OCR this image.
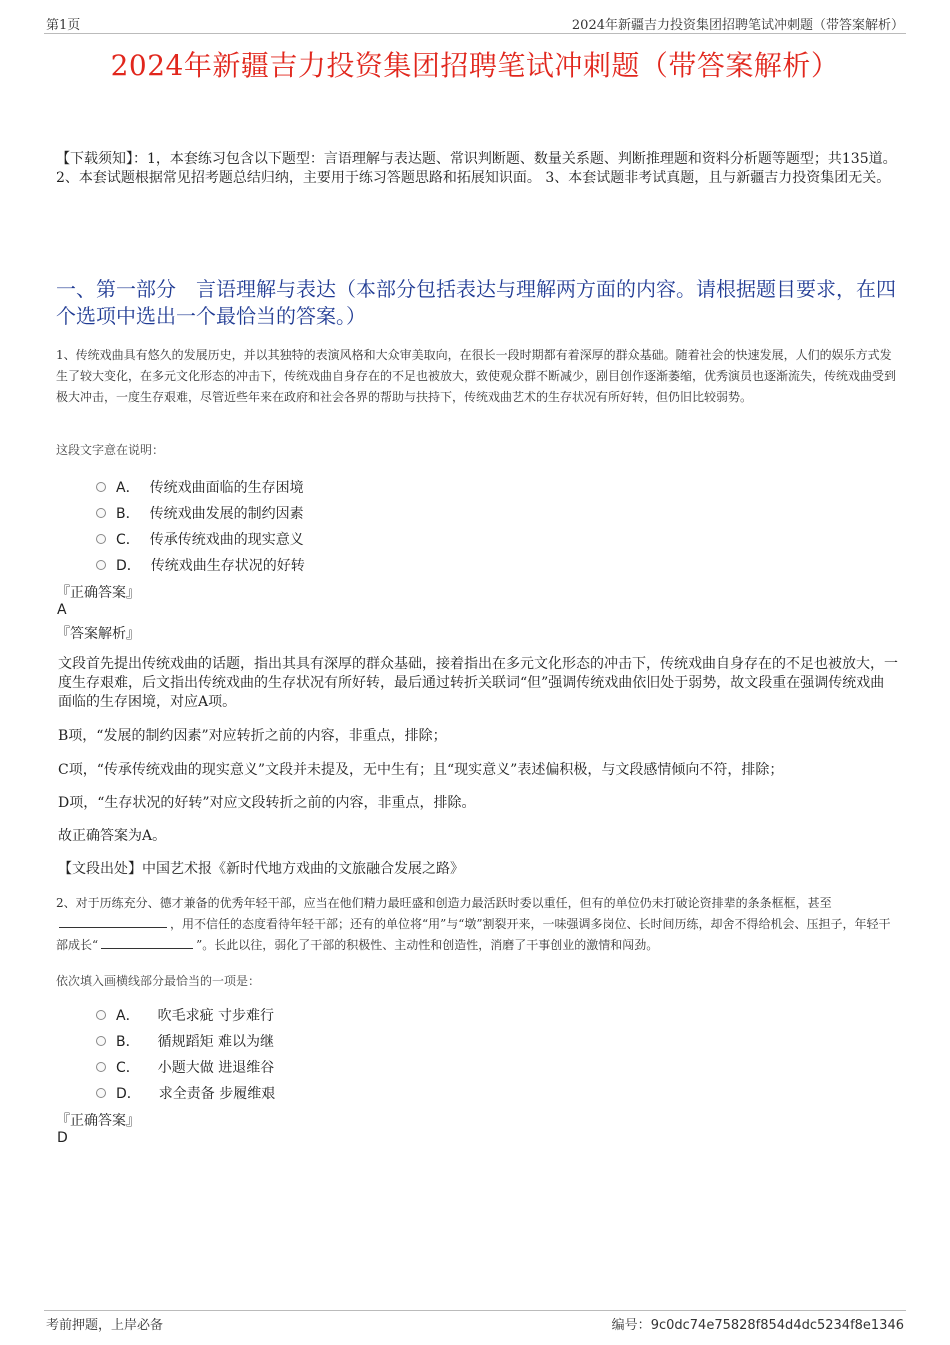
第1页	2024年新疆吉力投资集团招聘笔试冲刺题（带答案解析）
2024年新疆吉力投资集团招聘笔试冲刺题（带答案解析）
【下载须知】：1，本套练习包含以下题型：言语理解与表达题、常识判断题、数量关系题、判断推理题和资料分析题等题型；共135道。 2、本套试题根据常见招考题总结归纳，主要用于练习答题思路和拓展知识面。 3、本套试题非考试真题，且与新疆吉力投资集团无关。
一、第一部分　言语理解与表达（本部分包括表达与理解两方面的内容。请根据题目要求，在四个选项中选出一个最恰当的答案。）
1、传统戏曲具有悠久的发展历史，并以其独特的表演风格和大众审美取向，在很长一段时期都有着深厚的群众基础。随着社会的快速发展，人们的娱乐方式发生了较大变化，在多元文化形态的冲击下，传统戏曲自身存在的不足也被放大，致使观众群不断减少，剧目创作逐渐萎缩，优秀演员也逐渐流失，传统戏曲受到极大冲击，一度生存艰难，尽管近些年来在政府和社会各界的帮助与扶持下，传统戏曲艺术的生存状况有所好转，但仍旧比较弱势。
这段文字意在说明：
A． 传统戏曲面临的生存困境
B． 传统戏曲发展的制约因素
C． 传承传统戏曲的现实意义
D． 传统戏曲生存状况的好转
『正确答案』
A
『答案解析』
文段首先提出传统戏曲的话题，指出其具有深厚的群众基础，接着指出在多元文化形态的冲击下，传统戏曲自身存在的不足也被放大，一度生存艰难，后文指出传统戏曲的生存状况有所好转，最后通过转折关联词“但”强调传统戏曲依旧处于弱势，故文段重在强调传统戏曲面临的生存困境，对应A项。
B项，“发展的制约因素”对应转折之前的内容，非重点，排除；
C项，“传承传统戏曲的现实意义”文段并未提及，无中生有；且“现实意义”表述偏积极，与文段感情倾向不符，排除；
D项，“生存状况的好转”对应文段转折之前的内容，非重点，排除。
故正确答案为A。
【文段出处】中国艺术报《新时代地方戏曲的文旅融合发展之路》
2、对于历练充分、德才兼备的优秀年轻干部，应当在他们精力最旺盛和创造力最活跃时委以重任，但有的单位仍未打破论资排辈的条条框框，甚至，用不信任的态度看待年轻干部；还有的单位将“用”与“墩”割裂开来，一味强调多岗位、长时间历练，却舍不得给机会、压担子，年轻干部成长“	”。长此以往，弱化了干部的积极性、主动性和创造性，消磨了干事创业的激情和闯劲。
依次填入画横线部分最恰当的一项是：
A． 吹毛求疵 寸步难行
B． 循规蹈矩 难以为继
C． 小题大做 进退维谷
D． 求全责备 步履维艰
『正确答案』
D
考前押题，上岸必备	编号：9c0dc74e75828f854d4dc5234f8e1346
